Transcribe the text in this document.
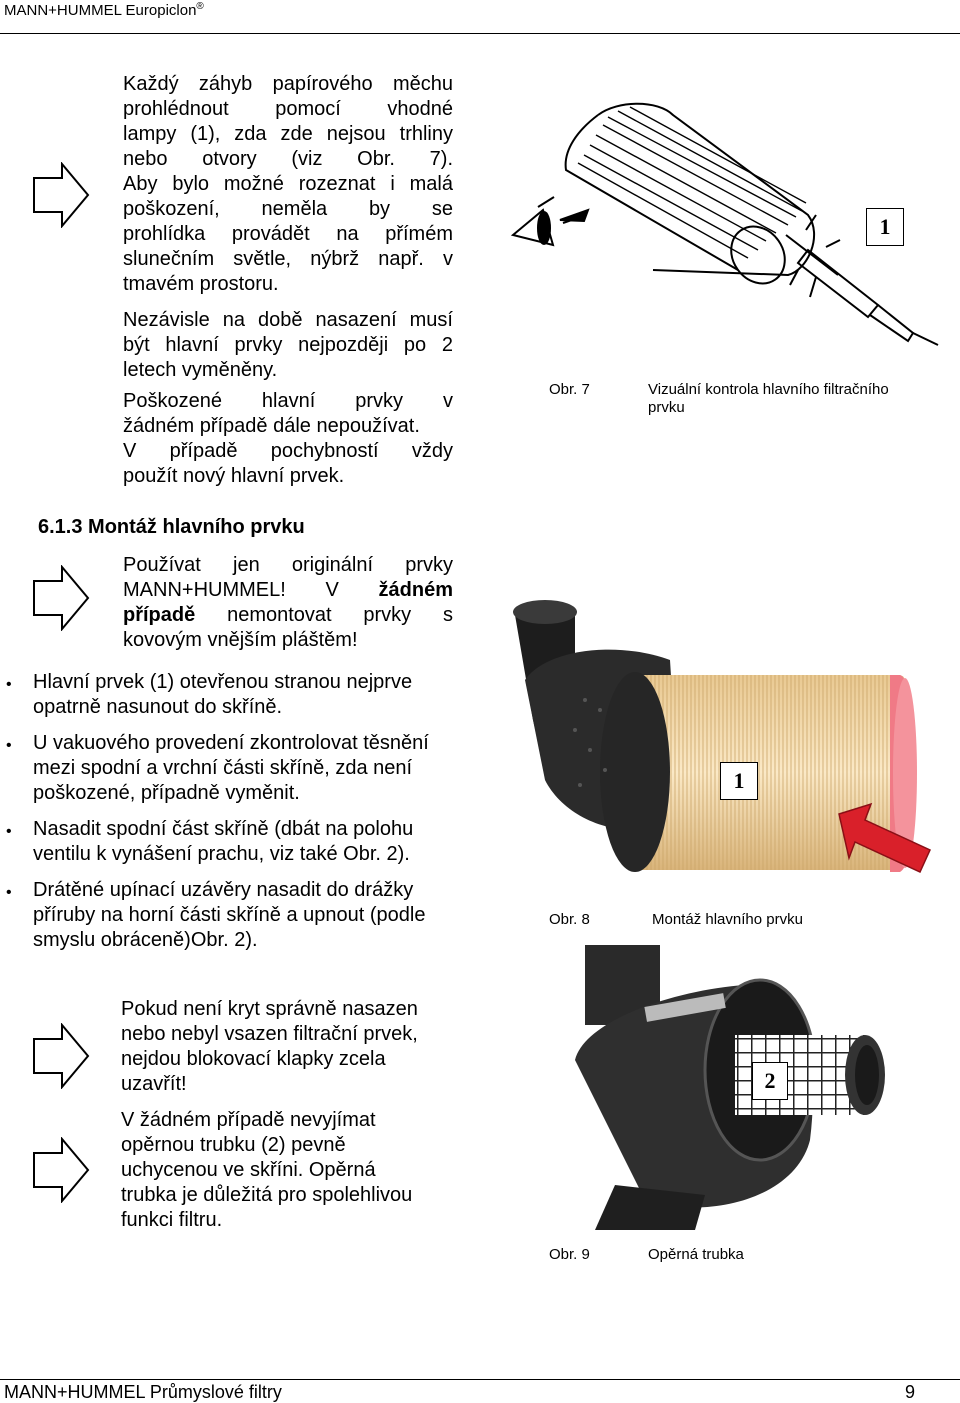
MANN+HUMMEL Europiclon®
Každý záhyb papírového měchu
prohlédnout pomocí vhodné
lampy (1), zda zde nejsou trhliny
nebo otvory (viz Obr. 7).
Aby bylo možné rozeznat i malá
poškození, neměla by se
prohlídka provádět na přímém
slunečním světle, nýbrž např. v
tmavém prostoru.
Nezávisle na době nasazení musí
být hlavní prvky nejpozději po 2
letech vyměněny.
Poškozené hlavní prvky v
žádném případě dále nepoužívat.
V případě pochybností vždy
použít nový hlavní prvek.
1
Obr. 7	Vizuální kontrola hlavního filtračního prvku
6.1.3 Montáž hlavního prvku
Používat jen originální prvky
MANN+HUMMEL! V žádném
případě nemontovat prvky s
kovovým vnějším pláštěm!
•	Hlavní prvek (1) otevřenou stranou nejprve
opatrně nasunout do skříně.
•	U vakuového provedení zkontrolovat těsnění
mezi spodní a vrchní části skříně, zda není
poškozené, případně vyměnit.
•	Nasadit spodní část skříně (dbát na polohu
ventilu k vynášení prachu, viz také Obr. 2).
•	Drátěné upínací uzávěry nasadit do drážky
příruby na horní části skříně a upnout (podle
smyslu obráceně)Obr. 2).
1
Obr. 8	Montáž hlavního prvku
Pokud není kryt správně nasazen
nebo nebyl vsazen filtrační prvek,
nejdou blokovací klapky zcela
uzavřít!
V žádném případě nevyjímat
opěrnou trubku (2) pevně
uchycenou ve skříni. Opěrná
trubka je důležitá pro spolehlivou
funkci filtru.
2
Obr. 9	Opěrná trubka
MANN+HUMMEL Průmyslové filtry	9
